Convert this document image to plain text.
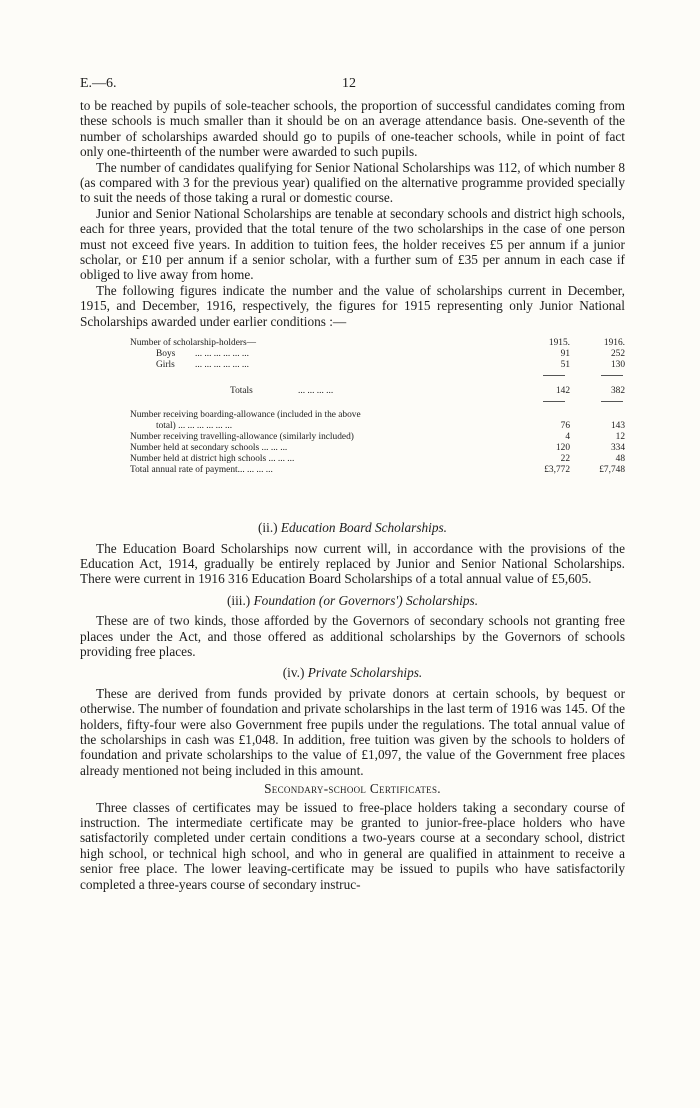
E.—6.	12

to be reached by pupils of sole-teacher schools, the proportion of successful candidates coming from these schools is much smaller than it should be on an average attendance basis. One-seventh of the number of scholarships awarded should go to pupils of one-teacher schools, while in point of fact only one-thirteenth of the number were awarded to such pupils.

The number of candidates qualifying for Senior National Scholarships was 112, of which number 8 (as compared with 3 for the previous year) qualified on the alternative programme provided specially to suit the needs of those taking a rural or domestic course.

Junior and Senior National Scholarships are tenable at secondary schools and district high schools, each for three years, provided that the total tenure of the two scholarships in the case of one person must not exceed five years. In addition to tuition fees, the holder receives £5 per annum if a junior scholar, or £10 per annum if a senior scholar, with a further sum of £35 per annum in each case if obliged to live away from home.

The following figures indicate the number and the value of scholarships current in December, 1915, and December, 1916, respectively, the figures for 1915 representing only Junior National Scholarships awarded under earlier conditions :—

Number of scholarship-holders—	1915.	1916.
Boys ... ... ... ... ... ...	91	252
Girls ... ... ... ... ... ...	51	130
Totals	... ... ... ...	142	382
Number receiving boarding-allowance (included in the above
total) ... ... ... ... ... ...	76	143
Number receiving travelling-allowance (similarly included)	4	12
Number held at secondary schools ... ... ...	120	334
Number held at district high schools ... ... ...	22	48
Total annual rate of payment... ... ... ...	£3,772	£7,748
(ii.) Education Board Scholarships.

The Education Board Scholarships now current will, in accordance with the provisions of the Education Act, 1914, gradually be entirely replaced by Junior and Senior National Scholarships. There were current in 1916 316 Education Board Scholarships of a total annual value of £5,605.

(iii.) Foundation (or Governors') Scholarships.

These are of two kinds, those afforded by the Governors of secondary schools not granting free places under the Act, and those offered as additional scholarships by the Governors of schools providing free places.

(iv.) Private Scholarships.

These are derived from funds provided by private donors at certain schools, by bequest or otherwise. The number of foundation and private scholarships in the last term of 1916 was 145. Of the holders, fifty-four were also Government free pupils under the regulations. The total annual value of the scholarships in cash was £1,048. In addition, free tuition was given by the schools to holders of foundation and private scholarships to the value of £1,097, the value of the Government free places already mentioned not being included in this amount.

Secondary-school Certificates.

Three classes of certificates may be issued to free-place holders taking a secondary course of instruction. The intermediate certificate may be granted to junior-free-place holders who have satisfactorily completed under certain conditions a two-years course at a secondary school, district high school, or technical high school, and who in general are qualified in attainment to receive a senior free place. The lower leaving-certificate may be issued to pupils who have satisfactorily completed a three-years course of secondary instruc-
